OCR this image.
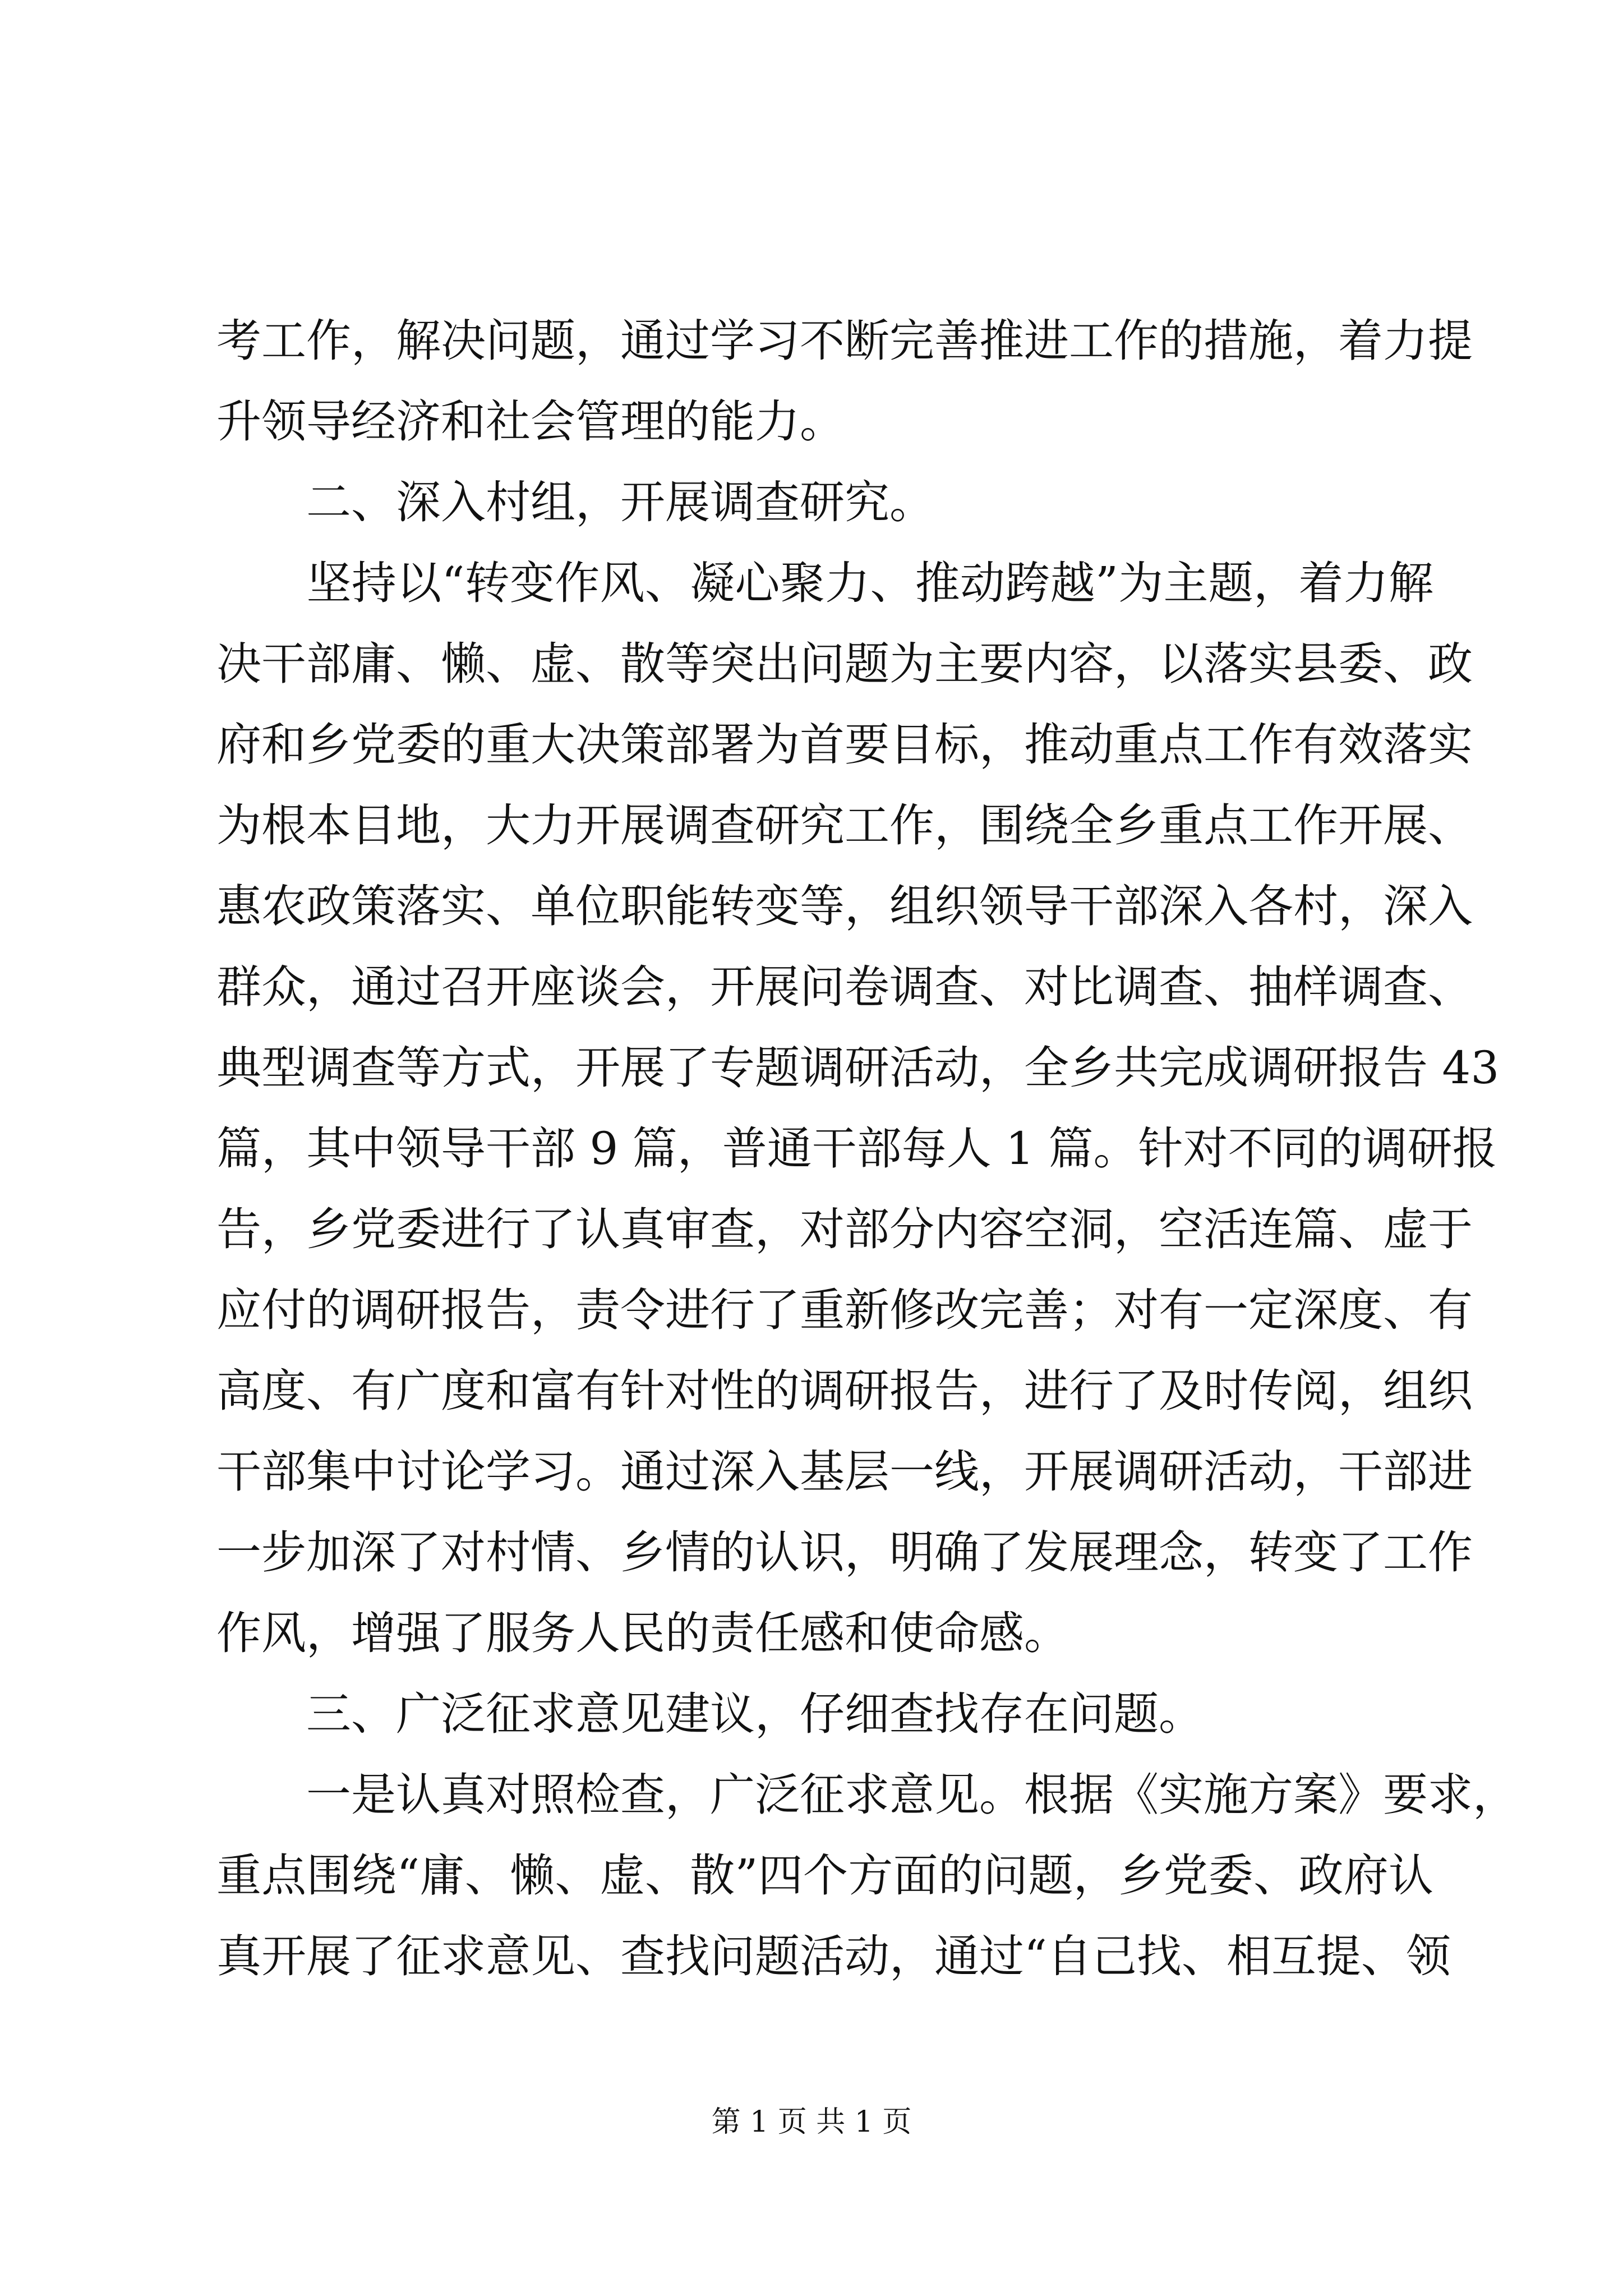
考工作，解决问题，通过学习不断完善推进工作的措施，着力提
升领导经济和社会管理的能力。
　　二、深入村组，开展调查研究。
　　坚持以“转变作风、凝心聚力、推动跨越”为主题，着力解
决干部庸、懒、虚、散等突出问题为主要内容，以落实县委、政
府和乡党委的重大决策部署为首要目标，推动重点工作有效落实
为根本目地，大力开展调查研究工作，围绕全乡重点工作开展、
惠农政策落实、单位职能转变等，组织领导干部深入各村，深入
群众，通过召开座谈会，开展问卷调查、对比调查、抽样调查、
典型调查等方式，开展了专题调研活动，全乡共完成调研报告 43
篇，其中领导干部 9 篇，普通干部每人 1 篇。针对不同的调研报
告，乡党委进行了认真审查，对部分内容空洞，空活连篇、虚于
应付的调研报告，责令进行了重新修改完善；对有一定深度、有
高度、有广度和富有针对性的调研报告，进行了及时传阅，组织
干部集中讨论学习。通过深入基层一线，开展调研活动，干部进
一步加深了对村情、乡情的认识，明确了发展理念，转变了工作
作风，增强了服务人民的责任感和使命感。
　　三、广泛征求意见建议，仔细查找存在问题。
　　一是认真对照检查，广泛征求意见。根据《实施方案》要求，
重点围绕“庸、懒、虚、散”四个方面的问题，乡党委、政府认
真开展了征求意见、查找问题活动，通过“自己找、相互提、领
第 1 页 共 1 页
